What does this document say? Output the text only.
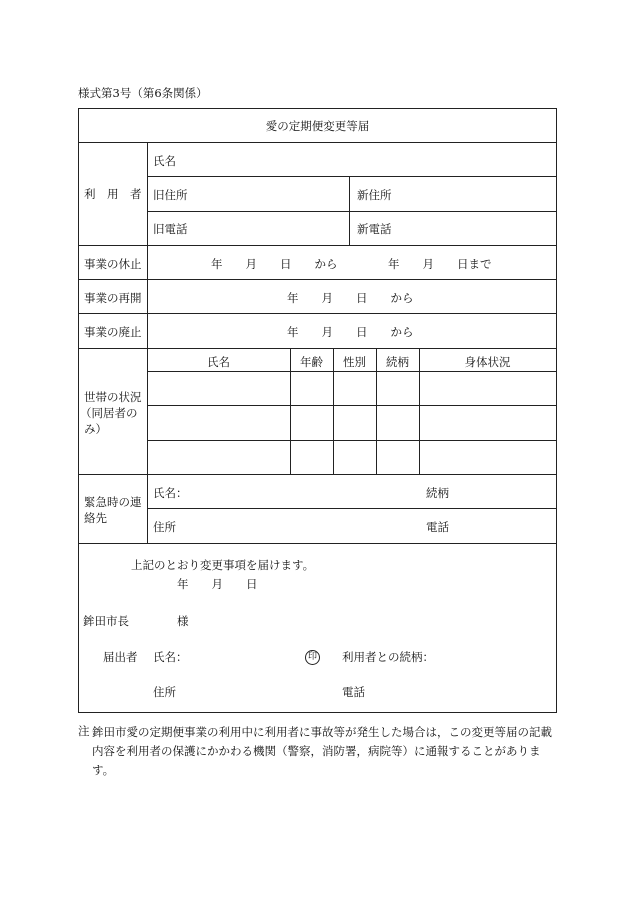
様式第3号（第6条関係）
愛の定期便変更等届
利　用　者
氏名
旧住所	新住所
旧電話	新電話
事業の休止	年　　月　　日　　から	年　　月　　日まで
事業の再開	年　　月　　日　　から
事業の廃止	年　　月　　日　　から
世帯の状況
（同居者の
み）
氏名	年齢	性別	続柄	身体状況
緊急時の連
絡先
氏名：	続柄
住所	電話
上記のとおり変更事項を届けます。
年　　月　　日
鉾田市長	様
届出者 氏名：	印 利用者との続柄：
住所	電話
注 鉾田市愛の定期便事業の利用中に利用者に事故等が発生した場合は，この変更等届の記載内容を利用者の保護にかかわる機関（警察，消防署，病院等）に通報することがあります。
